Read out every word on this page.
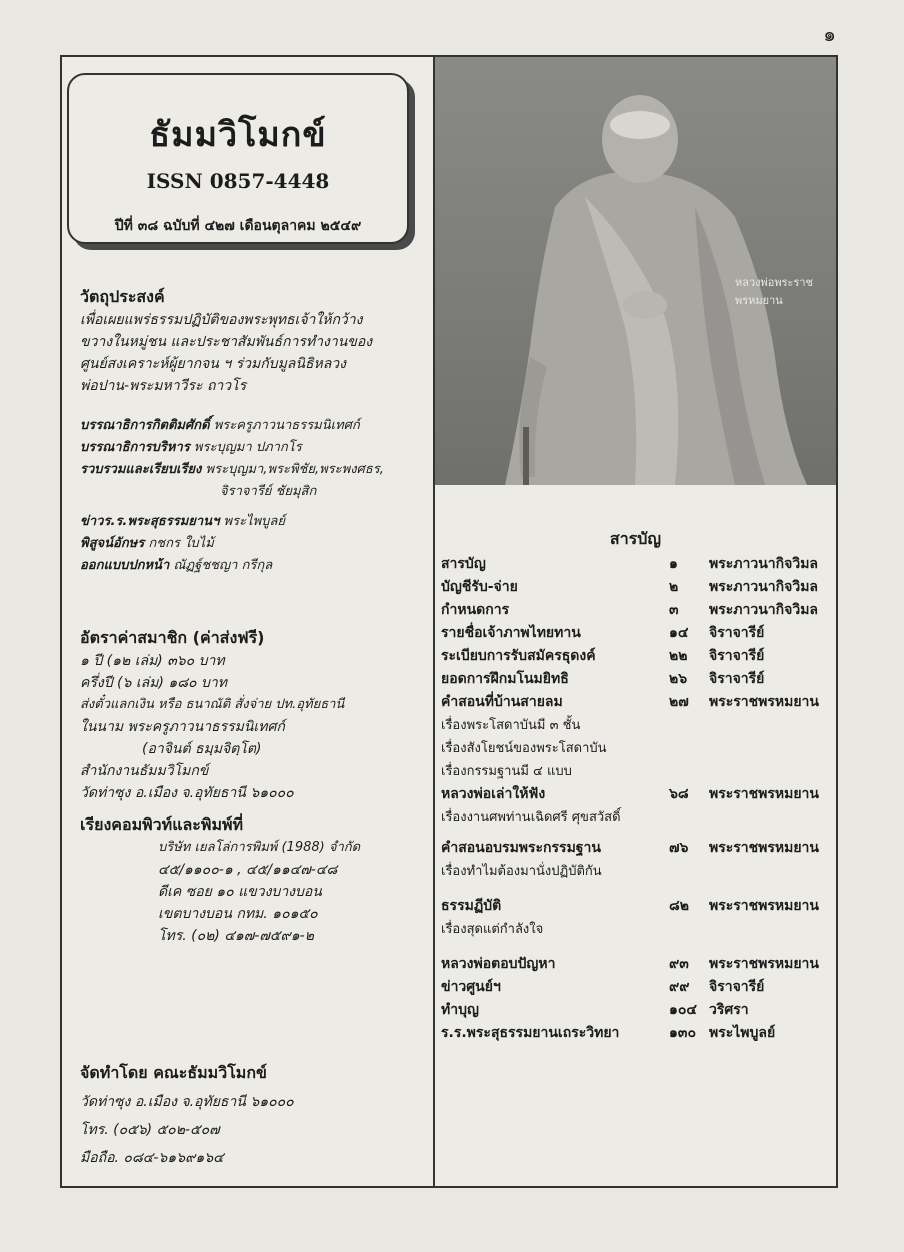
๑
ธัมมวิโมกข์
ISSN 0857-4448
ปีที่ ๓๘ ฉบับที่ ๔๒๗ เดือนตุลาคม ๒๕๔๙
วัตถุประสงค์
เพื่อเผยแพร่ธรรมปฏิบัติของพระพุทธเจ้าให้กว้าง
ขวางในหมู่ชน และประชาสัมพันธ์การทำงานของ
ศูนย์สงเคราะห์ผู้ยากจน ฯ ร่วมกับมูลนิธิหลวง
พ่อปาน-พระมหาวีระ ถาวโร
บรรณาธิการกิตติมศักดิ์ พระครูภาวนาธรรมนิเทศก์
บรรณาธิการบริหาร พระบุญมา ปภากโร
รวบรวมและเรียบเรียง พระบุญมา,พระพิชัย,พระพงศธร,
จิราจารีย์ ชัยมุสิก
ข่าวร.ร.พระสุธรรมยานฯ พระไพบูลย์
พิสูจน์อักษร กชกร ใบไม้
ออกแบบปกหน้า ณัฏฐ์ชชญา กรีกุล
อัตราค่าสมาชิก (ค่าส่งฟรี)
๑ ปี (๑๒ เล่ม) ๓๖๐ บาท
ครึ่งปี (๖ เล่ม) ๑๘๐ บาท
ส่งตั๋วแลกเงิน หรือ ธนาณัติ สั่งจ่าย ปท.อุทัยธานี
ในนาม พระครูภาวนาธรรมนิเทศก์
(อาจินต์ ธมฺมจิตฺโต)
สำนักงานธัมมวิโมกข์
วัดท่าซุง อ.เมือง จ.อุทัยธานี ๖๑๐๐๐
เรียงคอมพิวท์และพิมพ์ที่
บริษัท เยลโล่การพิมพ์ (1988) จำกัด
๔๕/๑๑๐๐-๑ , ๔๕/๑๑๔๗-๔๘
ดีเค ซอย ๑๐ แขวงบางบอน
เขตบางบอน กทม. ๑๐๑๕๐
โทร. (๐๒) ๔๑๗-๗๕๙๑-๒
จัดทำโดย คณะธัมมวิโมกข์
วัดท่าซุง อ.เมือง จ.อุทัยธานี ๖๑๐๐๐
โทร. (๐๕๖) ๕๐๒-๕๐๗
มือถือ. ๐๘๔-๖๑๖๙๑๖๔
หลวงพ่อพระราชพรหมยาน
สารบัญ
สารบัญ	๑ พระภาวนากิจวิมล
บัญชีรับ-จ่าย	๒ พระภาวนากิจวิมล
กำหนดการ	๓ พระภาวนากิจวิมล
รายชื่อเจ้าภาพไทยทาน	๑๔ จิราจารีย์
ระเบียบการรับสมัครธุดงค์	๒๒ จิราจารีย์
ยอดการฝึกมโนมยิทธิ	๒๖ จิราจารีย์
คำสอนที่บ้านสายลม	๒๗ พระราชพรหมยาน
เรื่องพระโสดาบันมี ๓ ชั้น
เรื่องสังโยชน์ของพระโสดาบัน
เรื่องกรรมฐานมี ๔ แบบ
หลวงพ่อเล่าให้ฟัง	๖๘ พระราชพรหมยาน
เรื่องงานศพท่านเฉิดศรี ศุขสวัสดิ์
คำสอนอบรมพระกรรมฐาน	๗๖ พระราชพรหมยาน
เรื่องทำไมต้องมานั่งปฏิบัติกัน
ธรรมฏีบัติ	๘๒ พระราชพรหมยาน
เรื่องสุดแต่กำลังใจ
หลวงพ่อตอบปัญหา	๙๓ พระราชพรหมยาน
ข่าวศูนย์ฯ	๙๙ จิราจารีย์
ทำบุญ	๑๐๔ วริศรา
ร.ร.พระสุธรรมยานเถระวิทยา	๑๓๐ พระไพบูลย์
